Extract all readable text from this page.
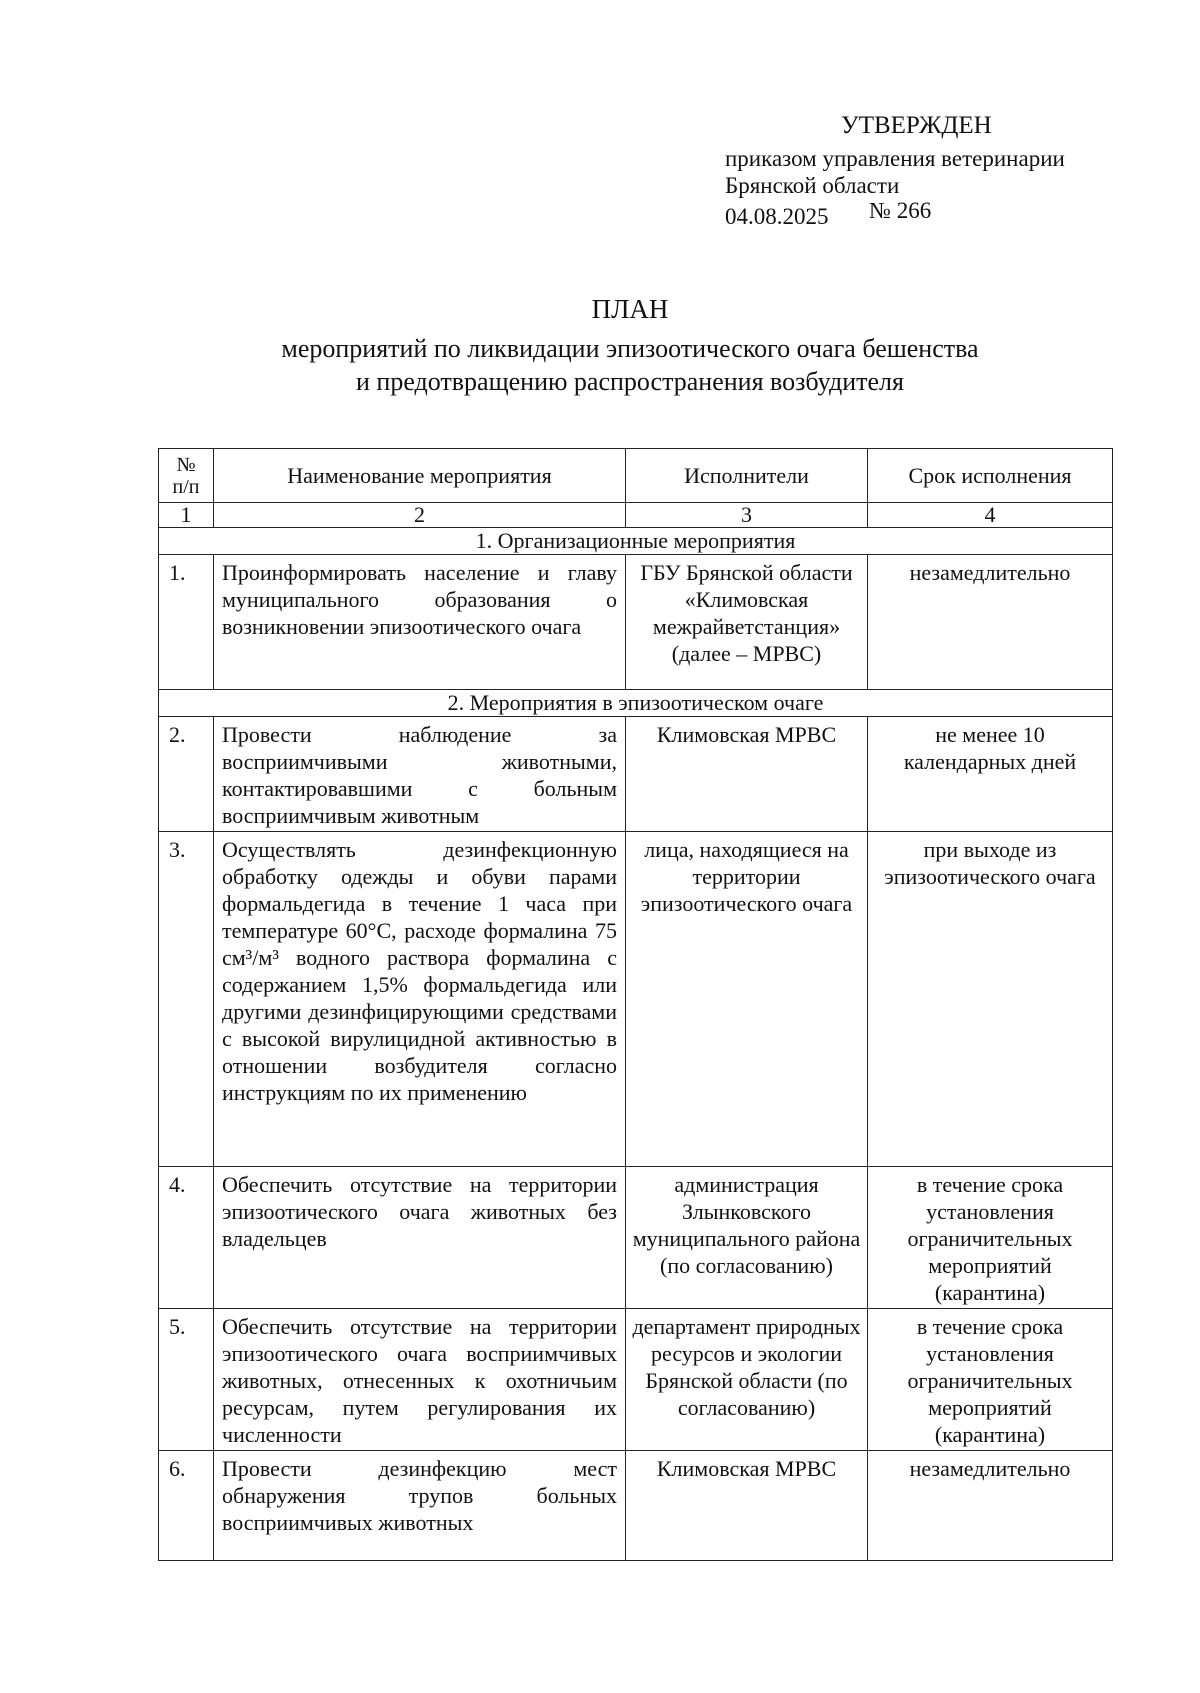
УТВЕРЖДЕН
приказом управления ветеринарии
Брянской области
04.08.2025	№ 266
ПЛАН
мероприятий по ликвидации эпизоотического очага бешенства
и предотвращению распространения возбудителя
№
п/п	Наименование мероприятия	Исполнители	Срок исполнения
1	2	3	4
1. Организационные мероприятия			
1.	Проинформировать население и главу муниципального образования о возникновении эпизоотического очага	ГБУ Брянской области «Климовская межрайветстанция» (далее – МРВС)	незамедлительно
2. Мероприятия в эпизоотическом очаге			
2.	Провести наблюдение за восприимчивыми животными, контактировавшими с больным восприимчивым животным	Климовская МРВС	не менее 10 календарных дней
3.	Осуществлять дезинфекционную обработку одежды и обуви парами формальдегида в течение 1 часа при температуре 60°С, расходе формалина 75 см³/м³ водного раствора формалина с содержанием 1,5% формальдегида или другими дезинфицирующими средствами с высокой вирулицидной активностью в отношении возбудителя согласно инструкциям по их применению	лица, находящиеся на территории эпизоотического очага	при выходе из эпизоотического очага
4.	Обеспечить отсутствие на территории эпизоотического очага животных без владельцев	администрация Злынковского муниципального района (по согласованию)	в течение срока установления ограничительных мероприятий (карантина)
5.	Обеспечить отсутствие на территории эпизоотического очага восприимчивых животных, отнесенных к охотничьим ресурсам, путем регулирования их численности	департамент природных ресурсов и экологии Брянской области (по согласованию)	в течение срока установления ограничительных мероприятий (карантина)
6.	Провести дезинфекцию мест обнаружения трупов больных восприимчивых животных	Климовская МРВС	незамедлительно
